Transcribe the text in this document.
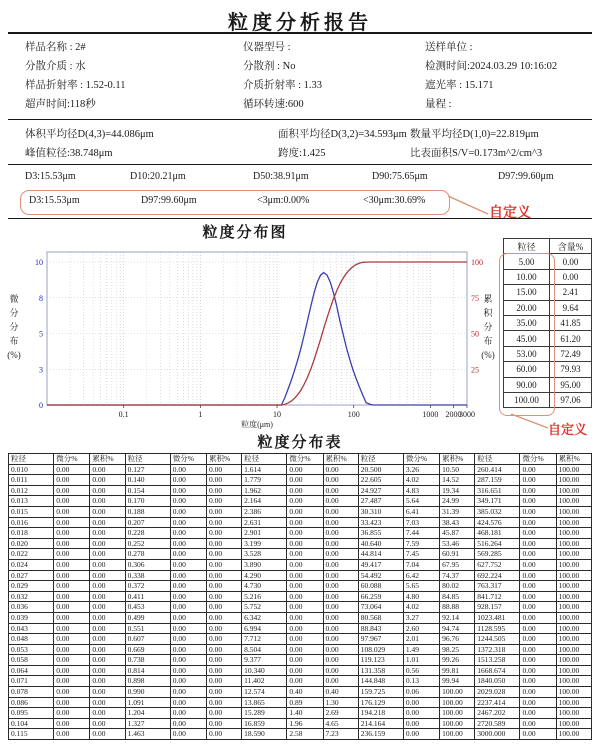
粒度分析报告
样品名称 : 2#	仪器型号 :	送样单位 :
分散介质 : 水	分散剂 : No	检测时间:2024.03.29 10:16:02
样品折射率 : 1.52-0.11	介质折射率 : 1.33	遮光率 : 15.171
超声时间:118秒	循环转速:600	量程 :
体积平均径D(4,3)=44.086μm	面积平均径D(3,2)=34.593μm 数量平均径D(1,0)=22.819μm
峰值粒径:38.748μm	跨度:1.425	比表面积S/V=0.173m^2/cm^3
D3:15.53μm	D10:20.21μm	D50:38.91μm	D90:75.65μm	D97:99.60μm
D3:15.53μm	D97:99.60μm	<3μm:0.00%	<30μm:30.69%
自定义
粒度分布图
10
8
5
3
0
100
75
50
25
0.1	1	10	100	1000 2000
3000
粒度(μm)
微
分
分
布
(%)
累
积
分
布
(%)
粒径	含量%
5.00	0.00
10.00	0.00
15.00	2.41
20.00	9.64
35.00	41.85
45.00	61.20
53.00	72.49
60.00	79.93
90.00	95.00
100.00	97.06
自定义
粒度分布表
粒径	微分%	累积%	粒径	微分%	累积%	粒径	微分%	累积%	粒径	微分%	累积%	粒径	微分%	累积%
0.010	0.00	0.00	0.127	0.00	0.00	1.614	0.00	0.00	20.500	3.26	10.50	260.414	0.00	100.00
0.011	0.00	0.00	0.140	0.00	0.00	1.779	0.00	0.00	22.605	4.02	14.52	287.159	0.00	100.00
0.012	0.00	0.00	0.154	0.00	0.00	1.962	0.00	0.00	24.927	4.83	19.34	316.651	0.00	100.00
0.013	0.00	0.00	0.170	0.00	0.00	2.164	0.00	0.00	27.487	5.64	24.99	349.171	0.00	100.00
0.015	0.00	0.00	0.188	0.00	0.00	2.386	0.00	0.00	30.310	6.41	31.39	385.032	0.00	100.00
0.016	0.00	0.00	0.207	0.00	0.00	2.631	0.00	0.00	33.423	7.03	38.43	424.576	0.00	100.00
0.018	0.00	0.00	0.228	0.00	0.00	2.901	0.00	0.00	36.855	7.44	45.87	468.181	0.00	100.00
0.020	0.00	0.00	0.252	0.00	0.00	3.199	0.00	0.00	40.640	7.59	53.46	516.264	0.00	100.00
0.022	0.00	0.00	0.278	0.00	0.00	3.528	0.00	0.00	44.814	7.45	60.91	569.285	0.00	100.00
0.024	0.00	0.00	0.306	0.00	0.00	3.890	0.00	0.00	49.417	7.04	67.95	627.752	0.00	100.00
0.027	0.00	0.00	0.338	0.00	0.00	4.290	0.00	0.00	54.492	6.42	74.37	692.224	0.00	100.00
0.029	0.00	0.00	0.372	0.00	0.00	4.730	0.00	0.00	60.088	5.65	80.02	763.317	0.00	100.00
0.032	0.00	0.00	0.411	0.00	0.00	5.216	0.00	0.00	66.259	4.80	84.85	841.712	0.00	100.00
0.036	0.00	0.00	0.453	0.00	0.00	5.752	0.00	0.00	73.064	4.02	88.88	928.157	0.00	100.00
0.039	0.00	0.00	0.499	0.00	0.00	6.342	0.00	0.00	80.568	3.27	92.14	1023.481	0.00	100.00
0.043	0.00	0.00	0.551	0.00	0.00	6.994	0.00	0.00	88.843	2.60	94.74	1128.595	0.00	100.00
0.048	0.00	0.00	0.607	0.00	0.00	7.712	0.00	0.00	97.967	2.01	96.76	1244.505	0.00	100.00
0.053	0.00	0.00	0.669	0.00	0.00	8.504	0.00	0.00	108.029	1.49	98.25	1372.318	0.00	100.00
0.058	0.00	0.00	0.738	0.00	0.00	9.377	0.00	0.00	119.123	1.01	99.26	1513.258	0.00	100.00
0.064	0.00	0.00	0.814	0.00	0.00	10.340	0.00	0.00	131.358	0.56	99.81	1668.674	0.00	100.00
0.071	0.00	0.00	0.898	0.00	0.00	11.402	0.00	0.00	144.848	0.13	99.94	1840.050	0.00	100.00
0.078	0.00	0.00	0.990	0.00	0.00	12.574	0.40	0.40	159.725	0.06	100.00	2029.028	0.00	100.00
0.086	0.00	0.00	1.091	0.00	0.00	13.865	0.89	1.30	176.129	0.00	100.00	2237.414	0.00	100.00
0.095	0.00	0.00	1.204	0.00	0.00	15.289	1.40	2.69	194.218	0.00	100.00	2467.202	0.00	100.00
0.104	0.00	0.00	1.327	0.00	0.00	16.859	1.96	4.65	214.164	0.00	100.00	2720.589	0.00	100.00
0.115	0.00	0.00	1.463	0.00	0.00	18.590	2.58	7.23	236.159	0.00	100.00	3000.000	0.00	100.00
